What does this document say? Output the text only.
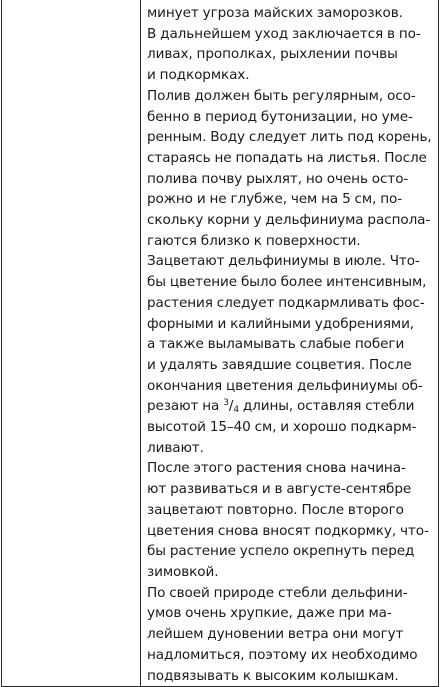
минует угроза майских заморозков.
В дальнейшем уход заключается в по-
ливах, прополках, рыхлении почвы
и подкормках.
Полив должен быть регулярным, осо-
бенно в период бутонизации, но уме-
ренным. Воду следует лить под корень,
стараясь не попадать на листья. После
полива почву рыхлят, но очень осто-
рожно и не глубже, чем на 5 см, по-
скольку корни у дельфиниума распола-
гаются близко к поверхности.
Зацветают дельфиниумы в июле. Что-
бы цветение было более интенсивным,
растения следует подкармливать фос-
форными и калийными удобрениями,
а также выламывать слабые побеги
и удалять завядшие соцветия. После
окончания цветения дельфиниумы об-
резают на $^3/_4$ длины, оставляя стебли
высотой 15–40 см, и хорошо подкарм-
ливают.
После этого растения снова начина-
ют развиваться и в августе-сентябре
зацветают повторно. После второго
цветения снова вносят подкормку, что-
бы растение успело окрепнуть перед
зимовкой.
По своей природе стебли дельфини-
умов очень хрупкие, даже при ма-
лейшем дуновении ветра они могут
надломиться, поэтому их необходимо
подвязывать к высоким колышкам.
